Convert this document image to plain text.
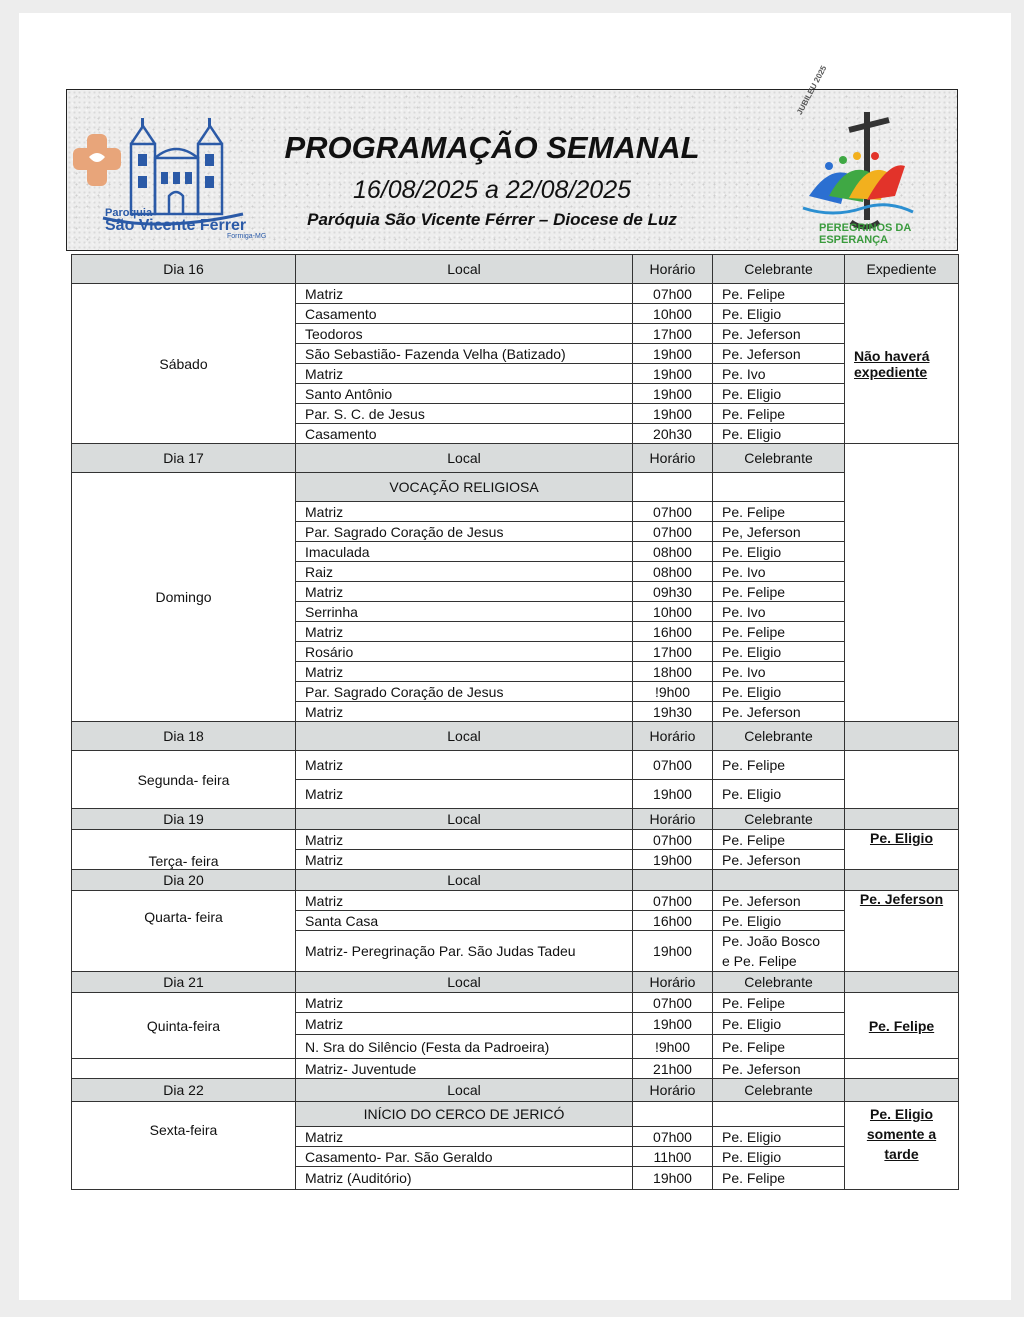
Paroquia
São Vicente Férrer
Formiga-MG
PROGRAMAÇÃO SEMANAL
16/08/2025 a 22/08/2025
Paróquia São Vicente Férrer – Diocese de Luz
JUBILEU 2025
PEREGRINOS DA ESPERANÇA
Dia 16	Local	Horário	Celebrante	Expediente
Sábado	Matriz	07h00	Pe. Felipe	Não haverá expediente
	Casamento	10h00	Pe. Eligio	
	Teodoros	17h00	Pe. Jeferson	
	São Sebastião- Fazenda Velha (Batizado)	19h00	Pe. Jeferson	
	Matriz	19h00	Pe. Ivo	
	Santo Antônio	19h00	Pe. Eligio	
	Par. S. C. de Jesus	19h00	Pe. Felipe	
	Casamento	20h30	Pe. Eligio	
Dia 17	Local	Horário	Celebrante	
Domingo	VOCAÇÃO RELIGIOSA			
	Matriz	07h00	Pe. Felipe	
	Par. Sagrado Coração de Jesus	07h00	Pe, Jeferson	
	Imaculada	08h00	Pe. Eligio	
	Raiz	08h00	Pe. Ivo	
	Matriz	09h30	Pe. Felipe	
	Serrinha	10h00	Pe. Ivo	
	Matriz	16h00	Pe. Felipe	
	Rosário	17h00	Pe. Eligio	
	Matriz	18h00	Pe. Ivo	
	Par. Sagrado Coração de Jesus	!9h00	Pe. Eligio	
	Matriz	19h30	Pe. Jeferson	
Dia 18	Local	Horário	Celebrante	
Segunda- feira	Matriz	07h00	Pe. Felipe	
	Matriz	19h00	Pe. Eligio	
Dia 19	Local	Horário	Celebrante	
Terça- feira	Matriz	07h00	Pe. Felipe	Pe. Eligio
	Matriz	19h00	Pe. Jeferson	
Dia 20	Local			
Quarta- feira	Matriz	07h00	Pe. Jeferson	Pe. Jeferson
	Santa Casa	16h00	Pe. Eligio	
	Matriz- Peregrinação Par. São Judas Tadeu	19h00	Pe. João Bosco
e Pe. Felipe	

Dia 21	Local	Horário	Celebrante	
Quinta-feira	Matriz	07h00	Pe. Felipe	Pe. Felipe
	Matriz	19h00	Pe. Eligio	
	N. Sra do Silêncio (Festa da Padroeira)	!9h00	Pe. Felipe	
	Matriz- Juventude	21h00	Pe. Jeferson	
Dia 22	Local	Horário	Celebrante	
Sexta-feira	INÍCIO DO CERCO DE JERICÓ			Pe. Eligio
somente a
tarde

	Matriz	07h00	Pe. Eligio	
	Casamento- Par. São Geraldo	11h00	Pe. Eligio	
	Matriz (Auditório)	19h00	Pe. Felipe	
